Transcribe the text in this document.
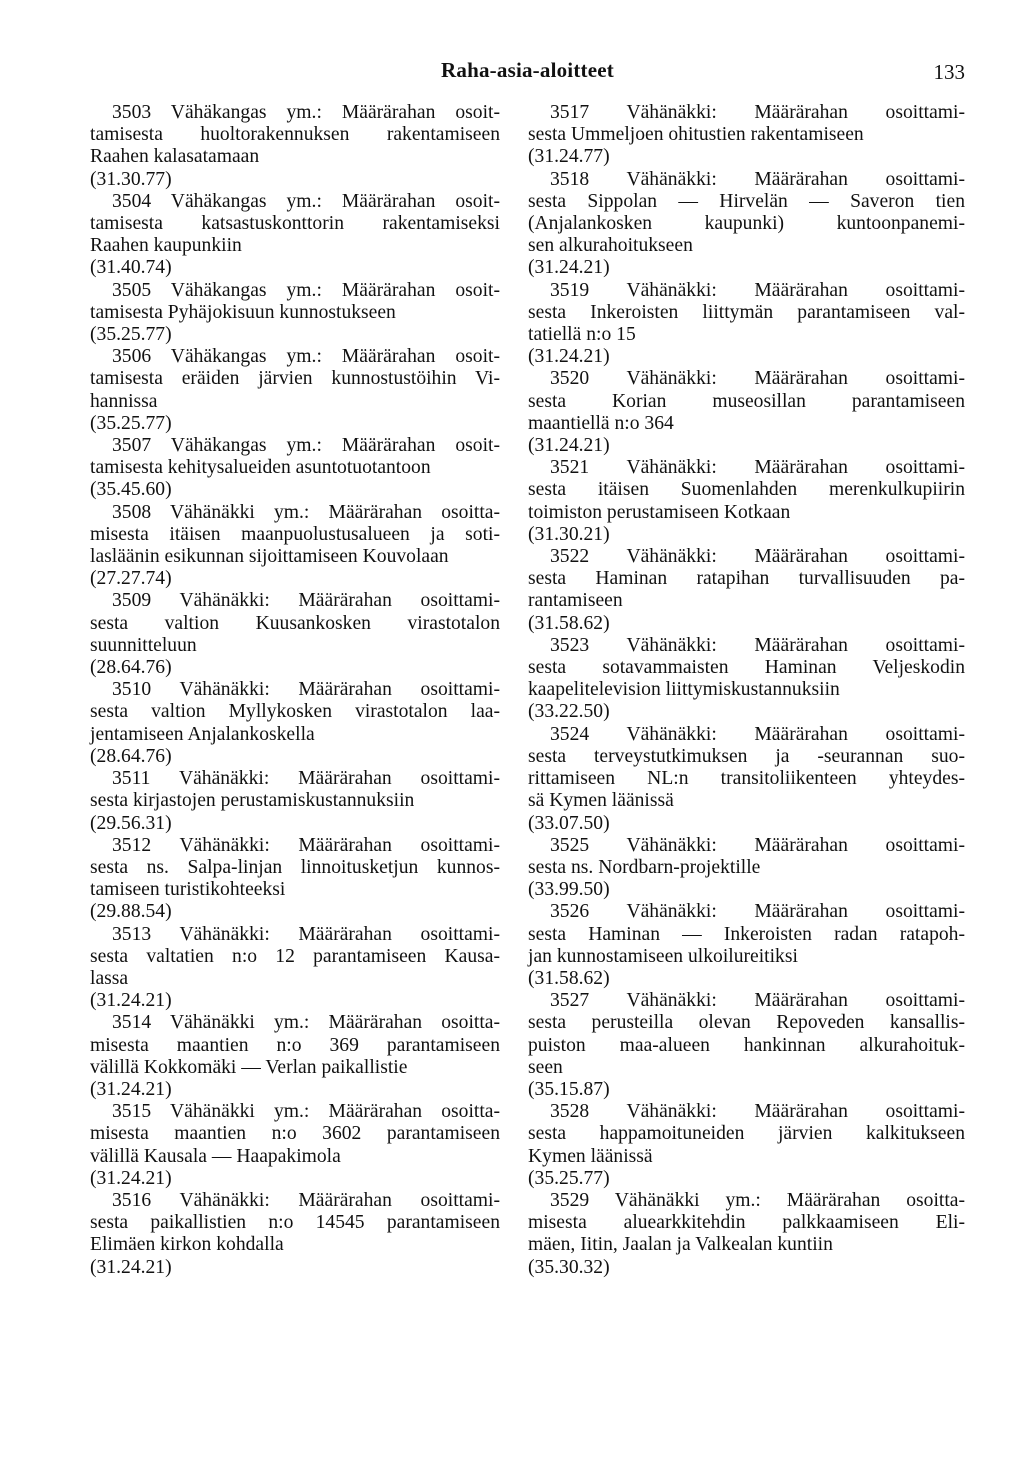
Raha-asia-aloitteet	133
3503 Vähäkangas ym.: Määrärahan osoit-
tamisesta huoltorakennuksen rakentamiseen
Raahen kalasatamaan
(31.30.77)
3504 Vähäkangas ym.: Määrärahan osoit-
tamisesta katsastuskonttorin rakentamiseksi
Raahen kaupunkiin
(31.40.74)
3505 Vähäkangas ym.: Määrärahan osoit-
tamisesta Pyhäjokisuun kunnostukseen
(35.25.77)
3506 Vähäkangas ym.: Määrärahan osoit-
tamisesta eräiden järvien kunnostustöihin Vi-
hannissa
(35.25.77)
3507 Vähäkangas ym.: Määrärahan osoit-
tamisesta kehitysalueiden asuntotuotantoon
(35.45.60)
3508 Vähänäkki ym.: Määrärahan osoitta-
misesta itäisen maanpuolustusalueen ja soti-
lasläänin esikunnan sijoittamiseen Kouvolaan
(27.27.74)
3509 Vähänäkki: Määrärahan osoittami-
sesta valtion Kuusankosken virastotalon
suunnitteluun
(28.64.76)
3510 Vähänäkki: Määrärahan osoittami-
sesta valtion Myllykosken virastotalon laa-
jentamiseen Anjalankoskella
(28.64.76)
3511 Vähänäkki: Määrärahan osoittami-
sesta kirjastojen perustamiskustannuksiin
(29.56.31)
3512 Vähänäkki: Määrärahan osoittami-
sesta ns. Salpa-linjan linnoitusketjun kunnos-
tamiseen turistikohteeksi
(29.88.54)
3513 Vähänäkki: Määrärahan osoittami-
sesta valtatien n:o 12 parantamiseen Kausa-
lassa
(31.24.21)
3514 Vähänäkki ym.: Määrärahan osoitta-
misesta maantien n:o 369 parantamiseen
välillä Kokkomäki — Verlan paikallistie
(31.24.21)
3515 Vähänäkki ym.: Määrärahan osoitta-
misesta maantien n:o 3602 parantamiseen
välillä Kausala — Haapakimola
(31.24.21)
3516 Vähänäkki: Määrärahan osoittami-
sesta paikallistien n:o 14545 parantamiseen
Elimäen kirkon kohdalla
(31.24.21)
3517 Vähänäkki: Määrärahan osoittami-
sesta Ummeljoen ohitustien rakentamiseen
(31.24.77)
3518 Vähänäkki: Määrärahan osoittami-
sesta Sippolan — Hirvelän — Saveron tien
(Anjalankosken kaupunki) kuntoonpanemi-
sen alkurahoitukseen
(31.24.21)
3519 Vähänäkki: Määrärahan osoittami-
sesta Inkeroisten liittymän parantamiseen val-
tatiellä n:o 15
(31.24.21)
3520 Vähänäkki: Määrärahan osoittami-
sesta Korian museosillan parantamiseen
maantiellä n:o 364
(31.24.21)
3521 Vähänäkki: Määrärahan osoittami-
sesta itäisen Suomenlahden merenkulkupiirin
toimiston perustamiseen Kotkaan
(31.30.21)
3522 Vähänäkki: Määrärahan osoittami-
sesta Haminan ratapihan turvallisuuden pa-
rantamiseen
(31.58.62)
3523 Vähänäkki: Määrärahan osoittami-
sesta sotavammaisten Haminan Veljeskodin
kaapelitelevision liittymiskustannuksiin
(33.22.50)
3524 Vähänäkki: Määrärahan osoittami-
sesta terveystutkimuksen ja -seurannan suo-
rittamiseen NL:n transitoliikenteen yhteydes-
sä Kymen läänissä
(33.07.50)
3525 Vähänäkki: Määrärahan osoittami-
sesta ns. Nordbarn-projektille
(33.99.50)
3526 Vähänäkki: Määrärahan osoittami-
sesta Haminan — Inkeroisten radan ratapoh-
jan kunnostamiseen ulkoilureitiksi
(31.58.62)
3527 Vähänäkki: Määrärahan osoittami-
sesta perusteilla olevan Repoveden kansallis-
puiston maa-alueen hankinnan alkurahoituk-
seen
(35.15.87)
3528 Vähänäkki: Määrärahan osoittami-
sesta happamoituneiden järvien kalkitukseen
Kymen läänissä
(35.25.77)
3529 Vähänäkki ym.: Määrärahan osoitta-
misesta aluearkkitehdin palkkaamiseen Eli-
mäen, Iitin, Jaalan ja Valkealan kuntiin
(35.30.32)
